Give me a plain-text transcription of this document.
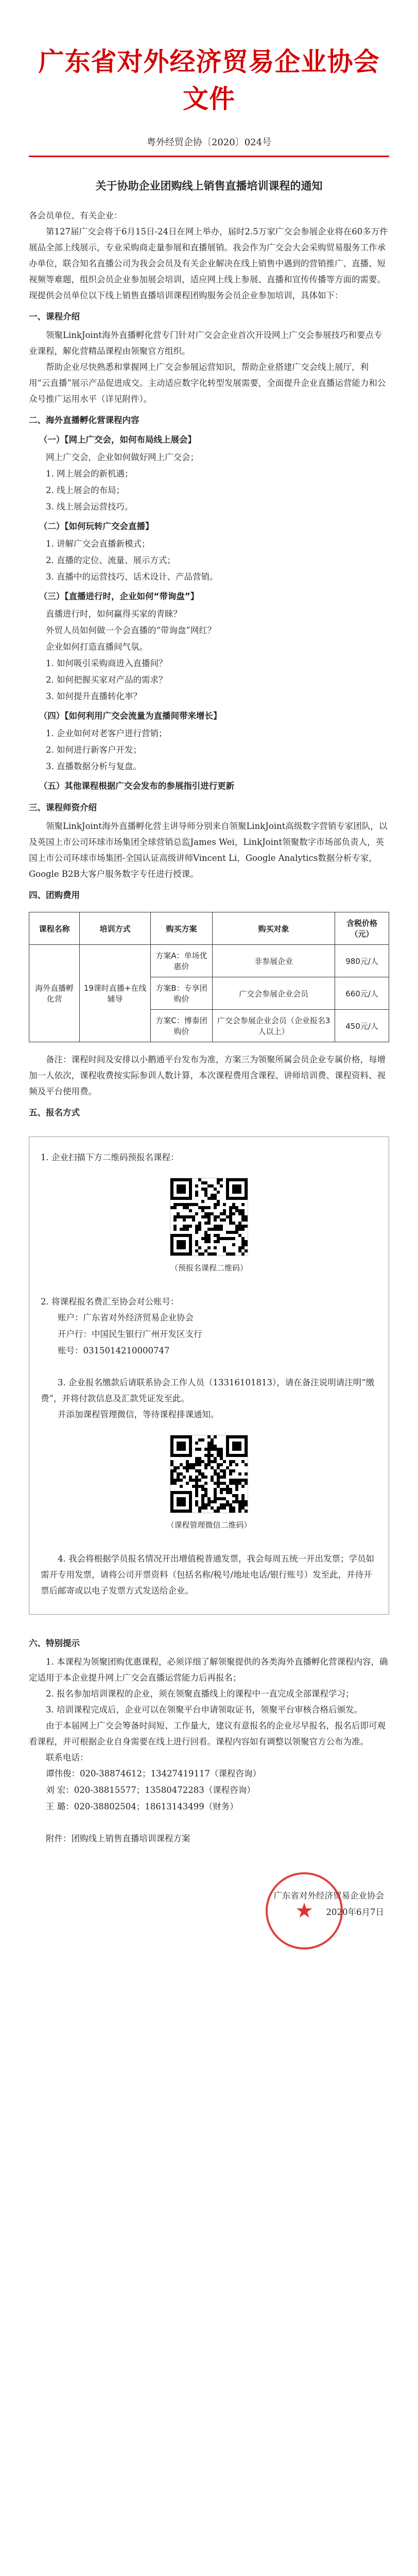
广东省对外经济贸易企业协会文件
粤外经贸企协〔2020〕024号
关于协助企业团购线上销售直播培训课程的通知

各会员单位、有关企业：

第127届广交会将于6月15日-24日在网上举办，届时2.5万家广交会参展企业将在60多万件展品全部上线展示，专业采购商走量参展和直播展销。我会作为广交会大会采购贸易服务工作承办单位，联合知名直播公司为我会会员及有关企业解决在线上销售中遇到的营销推广、直播、短视频等难题，组织会员企业参加展会培训，适应网上线上参展、直播和宣传传播等方面的需要。现提供会员单位以下线上销售直播培训课程团购服务会员企业参加培训，具体如下：

一、课程介绍

领聚LinkJoint海外直播孵化营专门针对广交会企业首次开设网上广交会参展技巧和要点专业课程，解化营精品课程由领聚官方组织。

帮助企业尽快熟悉和掌握网上广交会参展运营知识，帮助企业搭建广交会线上展厅，利用“云直播”展示产品促进成交。主动适应数字化转型发展需要，全面提升企业直播运营能力和公众号推广运用水平（详见附件）。

二、海外直播孵化营课程内容
（一）【网上广交会，如何布局线上展会】
网上广交会，企业如何做好网上广交会；
1. 网上展会的新机遇；
2. 线上展会的布局；
3. 线上展会运营技巧。
（二）【如何玩转广交会直播】
1. 讲解广交会直播新模式；
2. 直播的定位、流量、展示方式；
3. 直播中的运营技巧、话术设计、产品营销。
（三）【直播进行时，企业如何“带询盘”】
直播进行时，如何赢得买家的青睐？
外贸人员如何做一个会直播的“带询盘”网红？
企业如何打造直播间气氛。
1. 如何吸引采购商进入直播间？
2. 如何把握买家对产品的需求？
3. 如何提升直播转化率？
（四）【如何利用广交会流量为直播间带来增长】
1. 企业如何对老客户进行营销；
2. 如何进行新客户开发；
3. 直播数据分析与复盘。
（五）其他课程根据广交会发布的参展指引进行更新
三、课程师资介绍

领聚LinkJoint海外直播孵化营主讲导师分别来自领聚LinkJoint高级数字营销专家团队，以及英国上市公司环球市场集团全球营销总监James Wei，LinkJoint领聚数字市场部负责人，英国上市公司环球市场集团-全国认证高级讲师Vincent Li，Google Analytics数据分析专家，Google B2B大客户服务数字专任进行授课。

四、团购费用
课程名称	培训方式	购买方案	购买对象	含税价格（元）
海外直播孵化营	19课时直播+在线辅导	方案A：单场优惠价	非参展企业	980元/人
		方案B：专享团购价	广交会参展企业会员	660元/人
		方案C：博泰团购价	广交会参展企业会员（企业报名3人以上）	450元/人

备注：课程时间及安排以小鹅通平台发布为准，方案三为领聚所属会员企业专属价格，每增加一人依次，课程收费按实际参训人数计算，本次课程费用含课程、讲师培训费、课程资料、视频及平台使用费。

五、报名方式
1. 企业扫描下方二维码预报名课程：
（预报名课程二维码）
2. 将课程报名费汇至协会对公账号：
账户：广东省对外经济贸易企业协会
开户行：中国民生银行广州开发区支行
账号：0315014210000747
3. 企业报名缴款后请联系协会工作人员（13316101813），请在备注说明请注明“缴费”，并将付款信息及汇款凭证发至此。
并添加课程管理微信，等待课程排课通知。
（课程管理微信二维码）
4. 我会将根据学员报名情况开出增值税普通发票，我会每周五统一开出发票；学员如需开专用发票，请将公司开票资料（包括名称/税号/地址电话/银行账号）发至此，并待开票后邮寄或以电子发票方式发送给企业。
六、特别提示

1. 本课程为领聚团购优惠课程，必须详细了解领聚提供的各类海外直播孵化营课程内容，确定适用于本企业提升网上广交会直播运营能力后再报名；

2. 报名参加培训课程的企业，须在领聚直播线上的课程中一直完成全部课程学习；

3. 培训课程完成后，企业可以在领聚平台申请领取证书，领聚平台审核合格后颁发。

由于本届网上广交会筹备时间短、工作量大，建议有意报名的企业尽早报名，报名后即可观看课程，并可根据企业自身需要在线上进行回看。课程内容如有调整以领聚官方公布为准。

联系电话：
谭伟俊：020-38874612；13427419117（课程咨询）
刘 宏：020-38815577；13580472283（课程咨询）
王 璐：020-38802504；18613143499（财务）

附件：团购线上销售直播培训课程方案

★
广东省对外经济贸易企业协会
2020年6月7日
